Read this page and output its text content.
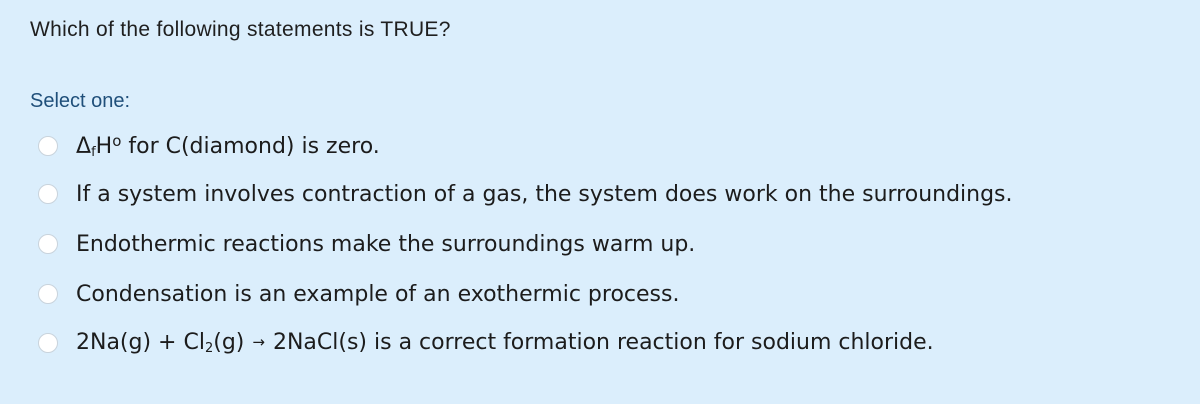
Which of the following statements is TRUE?
Select one:
$\Delta_fH^o$ for C(diamond) is zero.
If a system involves contraction of a gas, the system does work on the surroundings.
Endothermic reactions make the surroundings warm up.
Condensation is an example of an exothermic process.
$2Na(g) + Cl_2(g)$ → 2NaCl(s) is a correct formation reaction for sodium chloride.
